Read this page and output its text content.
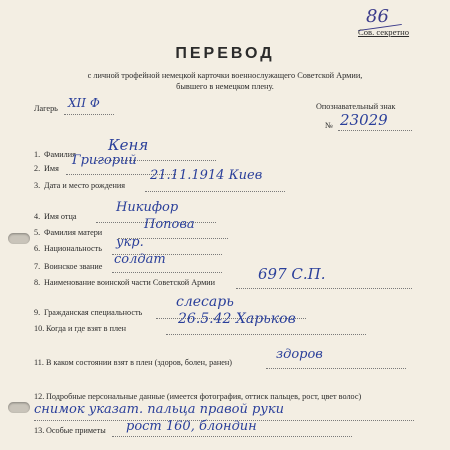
86
Сов. секретно
ПЕРЕВОД
с личной трофейной немецкой карточки военнослужащего Советской Армии,
бывшего в немецком плену.
Лагерь XII Ф	Опознавательный знак
№ 23029
1. Фамилия
Кеня
2. Имя
Григорий
3. Дата и место рождения
21.11.1914 Киев
4. Имя отца
Никифор
5. Фамилия матери
Попова
6. Национальность укр.
7. Воинское звание солдат
8. Наименование воинской части Советской Армии	697 С.П.
9. Гражданская специальность
слесарь
10. Когда и где взят в плен
26.5.42 Харьков
11. В каком состоянии взят в плен (здоров, болен, ранен)
здоров
12. Подробные персональные данные (имеется фотография, оттиск пальцев, рост, цвет волос)
снимок указат. пальца правой руки
13. Особые приметы рост 160, блондин
